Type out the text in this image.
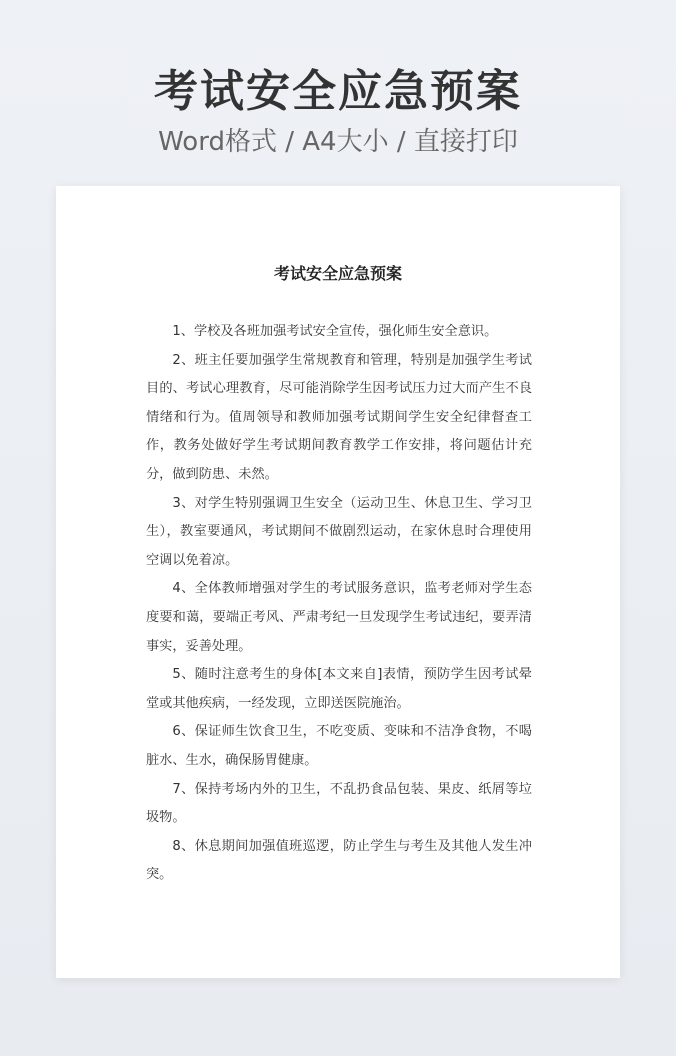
考试安全应急预案
Word格式 / A4大小 / 直接打印
考试安全应急预案

1、学校及各班加强考试安全宣传，强化师生安全意识。

2、班主任要加强学生常规教育和管理，特别是加强学生考试目的、考试心理教育，尽可能消除学生因考试压力过大而产生不良情绪和行为。值周领导和教师加强考试期间学生安全纪律督查工作，教务处做好学生考试期间教育教学工作安排，将问题估计充分，做到防患、未然。

3、对学生特别强调卫生安全（运动卫生、休息卫生、学习卫生），教室要通风，考试期间不做剧烈运动，在家休息时合理使用空调以免着凉。

4、全体教师增强对学生的考试服务意识，监考老师对学生态度要和蔼，要端正考风、严肃考纪一旦发现学生考试违纪，要弄清事实，妥善处理。

5、随时注意考生的身体[本文来自]表情，预防学生因考试晕堂或其他疾病，一经发现，立即送医院施治。

6、保证师生饮食卫生，不吃变质、变味和不洁净食物，不喝脏水、生水，确保肠胃健康。

7、保持考场内外的卫生，不乱扔食品包装、果皮、纸屑等垃圾物。

8、休息期间加强值班巡逻，防止学生与考生及其他人发生冲突。
